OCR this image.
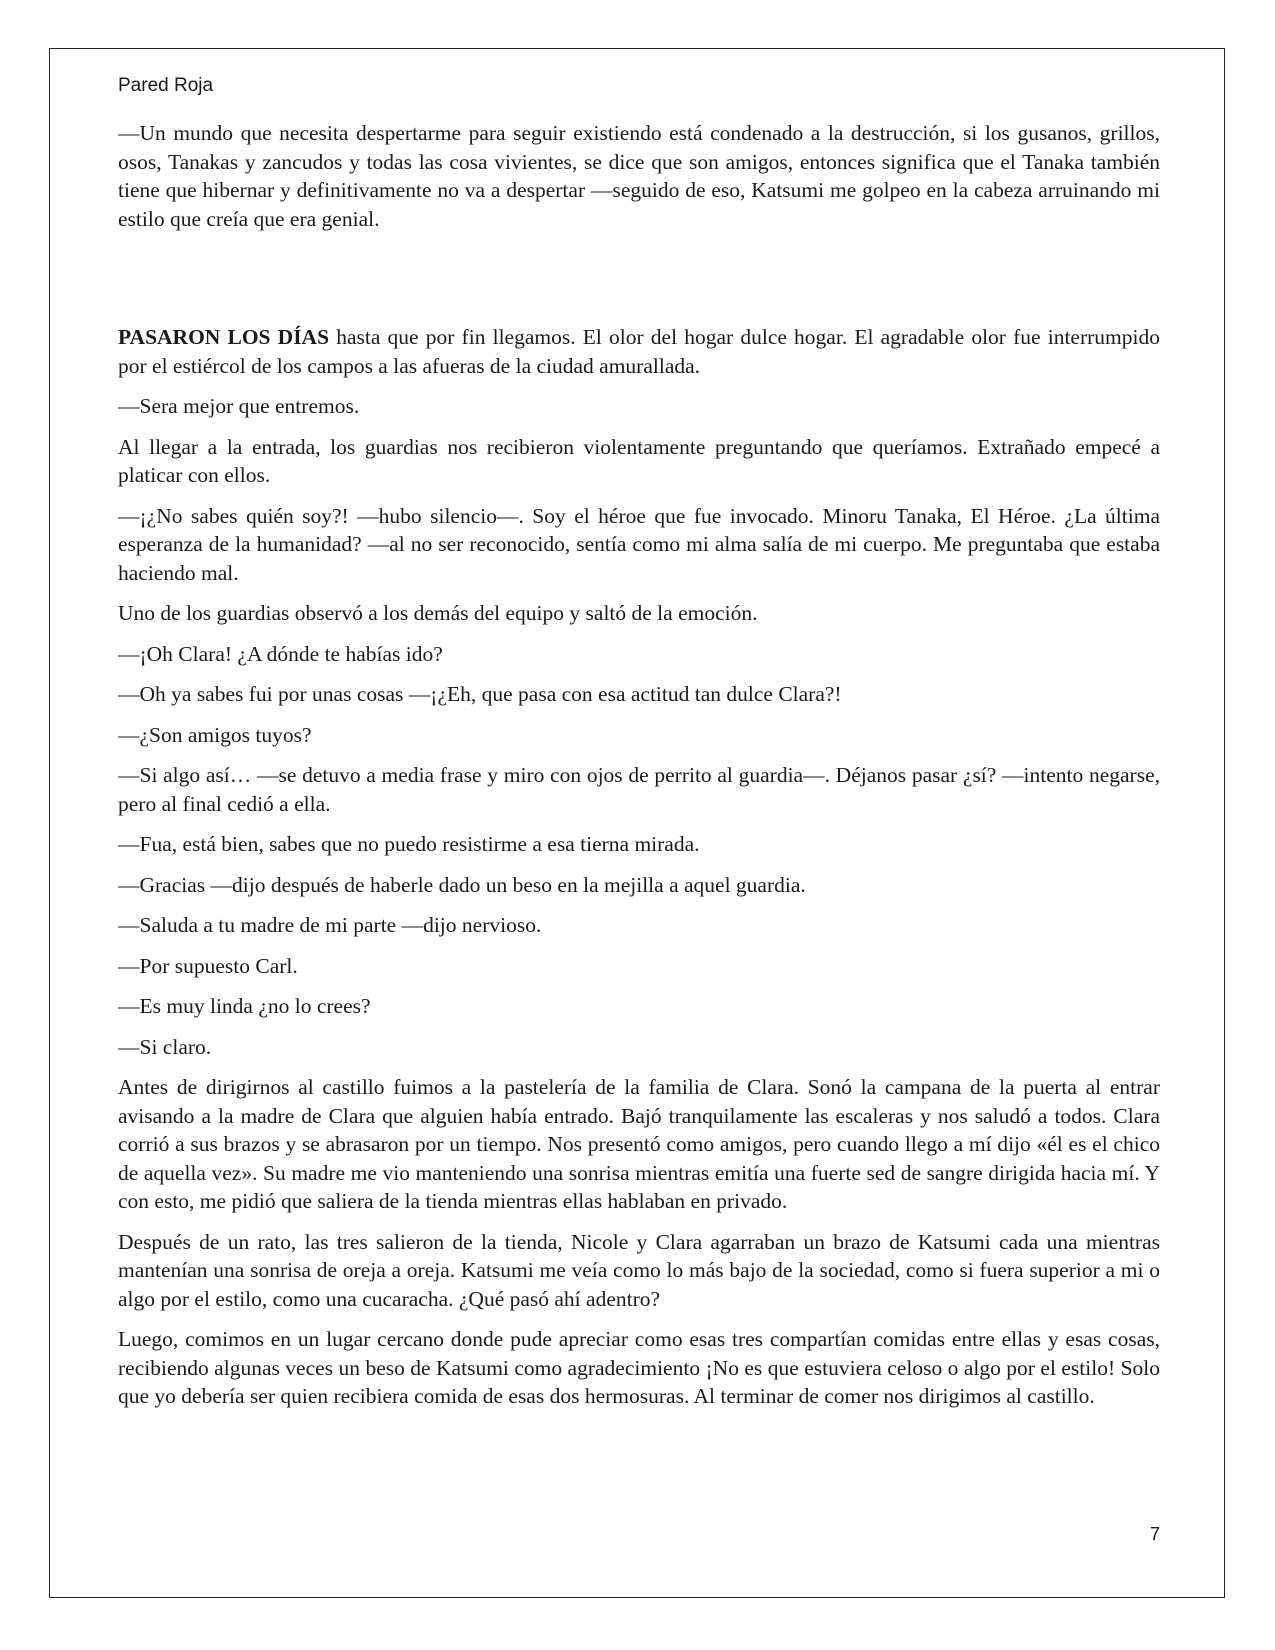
Pared Roja

—Un mundo que necesita despertarme para seguir existiendo está condenado a la destrucción, si los gusanos, grillos, osos, Tanakas y zancudos y todas las cosa vivientes, se dice que son amigos, entonces significa que el Tanaka también tiene que hibernar y definitivamente no va a despertar —seguido de eso, Katsumi me golpeo en la cabeza arruinando mi estilo que creía que era genial.

PASARON LOS DÍAS hasta que por fin llegamos. El olor del hogar dulce hogar. El agradable olor fue interrumpido por el estiércol de los campos a las afueras de la ciudad amurallada.

—Sera mejor que entremos.

Al llegar a la entrada, los guardias nos recibieron violentamente preguntando que queríamos. Extrañado empecé a platicar con ellos.

—¡¿No sabes quién soy?! —hubo silencio—. Soy el héroe que fue invocado. Minoru Tanaka, El Héroe. ¿La última esperanza de la humanidad? —al no ser reconocido, sentía como mi alma salía de mi cuerpo. Me preguntaba que estaba haciendo mal.

Uno de los guardias observó a los demás del equipo y saltó de la emoción.

—¡Oh Clara! ¿A dónde te habías ido?

—Oh ya sabes fui por unas cosas —¡¿Eh, que pasa con esa actitud tan dulce Clara?!

—¿Son amigos tuyos?

—Si algo así… —se detuvo a media frase y miro con ojos de perrito al guardia—. Déjanos pasar ¿sí? —intento negarse, pero al final cedió a ella.

—Fua, está bien, sabes que no puedo resistirme a esa tierna mirada.

—Gracias —dijo después de haberle dado un beso en la mejilla a aquel guardia.

—Saluda a tu madre de mi parte —dijo nervioso.

—Por supuesto Carl.

—Es muy linda ¿no lo crees?

—Si claro.

Antes de dirigirnos al castillo fuimos a la pastelería de la familia de Clara. Sonó la campana de la puerta al entrar avisando a la madre de Clara que alguien había entrado. Bajó tranquilamente las escaleras y nos saludó a todos. Clara corrió a sus brazos y se abrasaron por un tiempo. Nos presentó como amigos, pero cuando llego a mí dijo «él es el chico de aquella vez». Su madre me vio manteniendo una sonrisa mientras emitía una fuerte sed de sangre dirigida hacia mí. Y con esto, me pidió que saliera de la tienda mientras ellas hablaban en privado.

Después de un rato, las tres salieron de la tienda, Nicole y Clara agarraban un brazo de Katsumi cada una mientras mantenían una sonrisa de oreja a oreja. Katsumi me veía como lo más bajo de la sociedad, como si fuera superior a mi o algo por el estilo, como una cucaracha. ¿Qué pasó ahí adentro?

Luego, comimos en un lugar cercano donde pude apreciar como esas tres compartían comidas entre ellas y esas cosas, recibiendo algunas veces un beso de Katsumi como agradecimiento ¡No es que estuviera celoso o algo por el estilo! Solo que yo debería ser quien recibiera comida de esas dos hermosuras. Al terminar de comer nos dirigimos al castillo.

7
